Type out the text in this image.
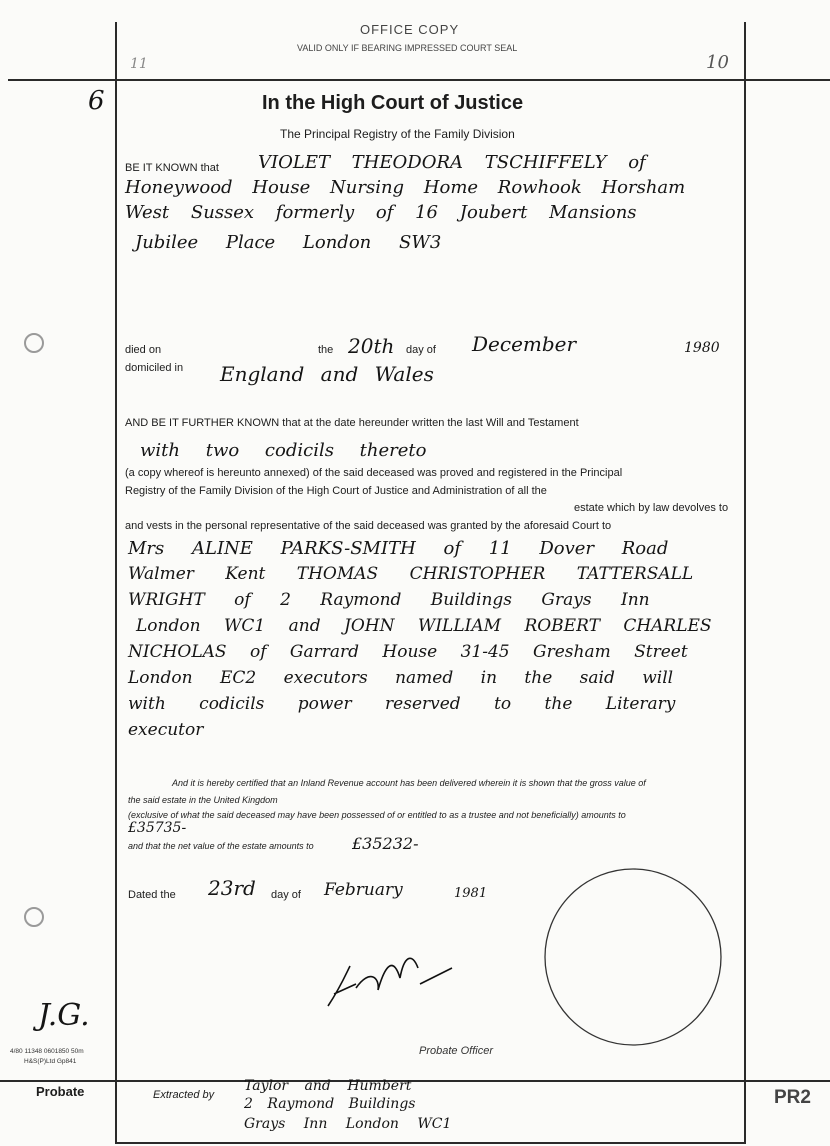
OFFICE COPY
VALID ONLY IF BEARING IMPRESSED COURT SEAL
11	10
6	In the High Court of Justice
The Principal Registry of the Family Division
BE IT KNOWN that VIOLET THEODORA TSCHIFFELY of
Honeywood House Nursing Home Rowhook Horsham
West Sussex formerly of 16 Joubert Mansions
Jubilee Place London SW3
died on	the 20th day of December	1980
domiciled in England and Wales
AND BE IT FURTHER KNOWN that at the date hereunder written the last Will and Testament
with two codicils thereto
(a copy whereof is hereunto annexed) of the said deceased was proved and registered in the Principal
Registry of the Family Division of the High Court of Justice and Administration of all the
estate which by law devolves to
and vests in the personal representative of the said deceased was granted by the aforesaid Court to
Mrs ALINE PARKS-SMITH of 11 Dover Road
Walmer Kent THOMAS CHRISTOPHER TATTERSALL
WRIGHT of 2 Raymond Buildings Grays Inn
London WC1 and JOHN WILLIAM ROBERT CHARLES
NICHOLAS of Garrard House 31-45 Gresham Street
London EC2 executors named in the said will
with codicils power reserved to the Literary
executor
And it is hereby certified that an Inland Revenue account has been delivered wherein it is shown that the gross value of
the said estate in the United Kingdom
(exclusive of what the said deceased may have been possessed of or entitled to as a trustee and not beneficially) amounts to
£35735-
and that the net value of the estate amounts to £35232-
Dated the 23rd day of February	1981
Probate Officer
J.G.
4/80 11348 0601850 50m
H&S(P)Ltd Gp841
Probate	Extracted by
Taylor and Humbert
2 Raymond Buildings
Grays Inn London WC1
PR2
